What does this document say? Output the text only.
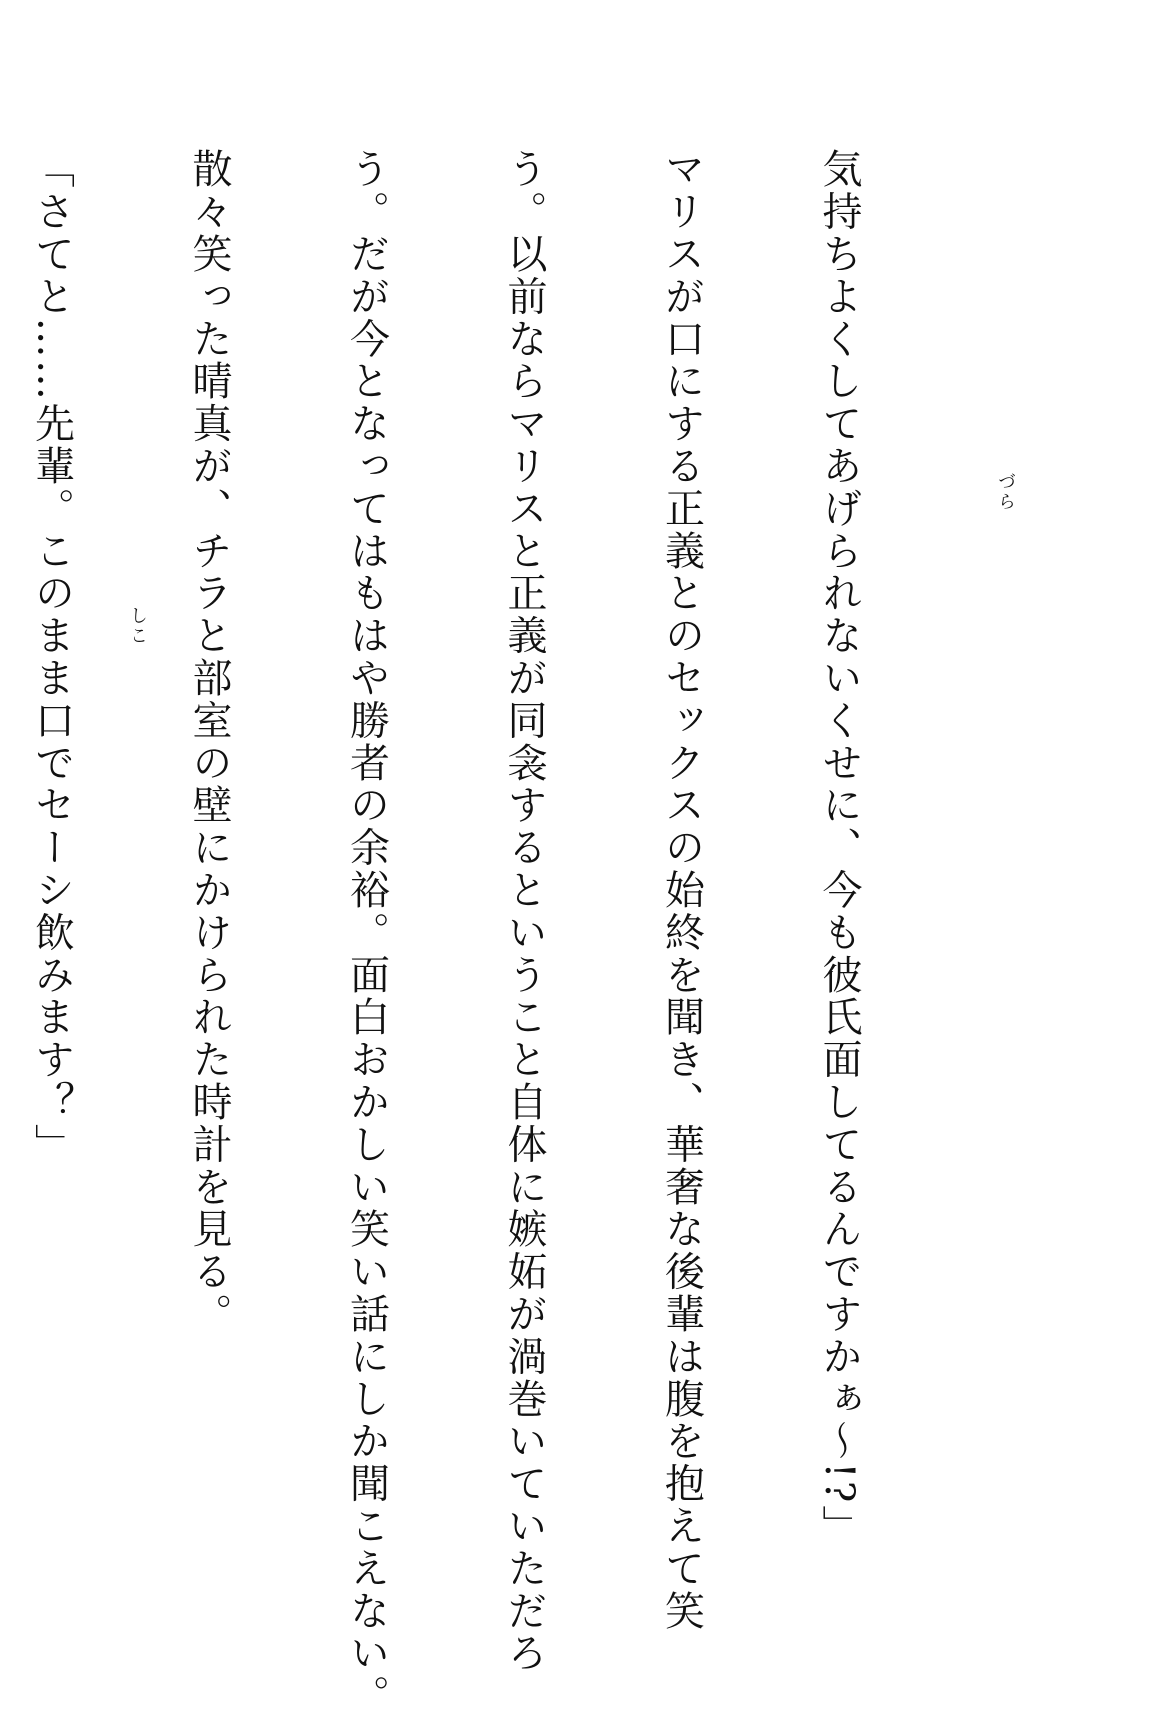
気持ちよくしてあげられないくせに、今も彼氏面してるんですかぁ〜!?」

マリスが口にする正義とのセックスの始終を聞き、華奢な後輩は腹を抱えて笑

う。以前ならマリスと正義が同衾するということ自体に嫉妬が渦巻いていただろ

う。だが今となってはもはや勝者の余裕。面白おかしい笑い話にしか聞こえない。

散々笑った晴真が、チラと部室の壁にかけられた時計を見る。

「さてと……先輩。このまま口でセーシ飲みます？」

	づら
しこ
